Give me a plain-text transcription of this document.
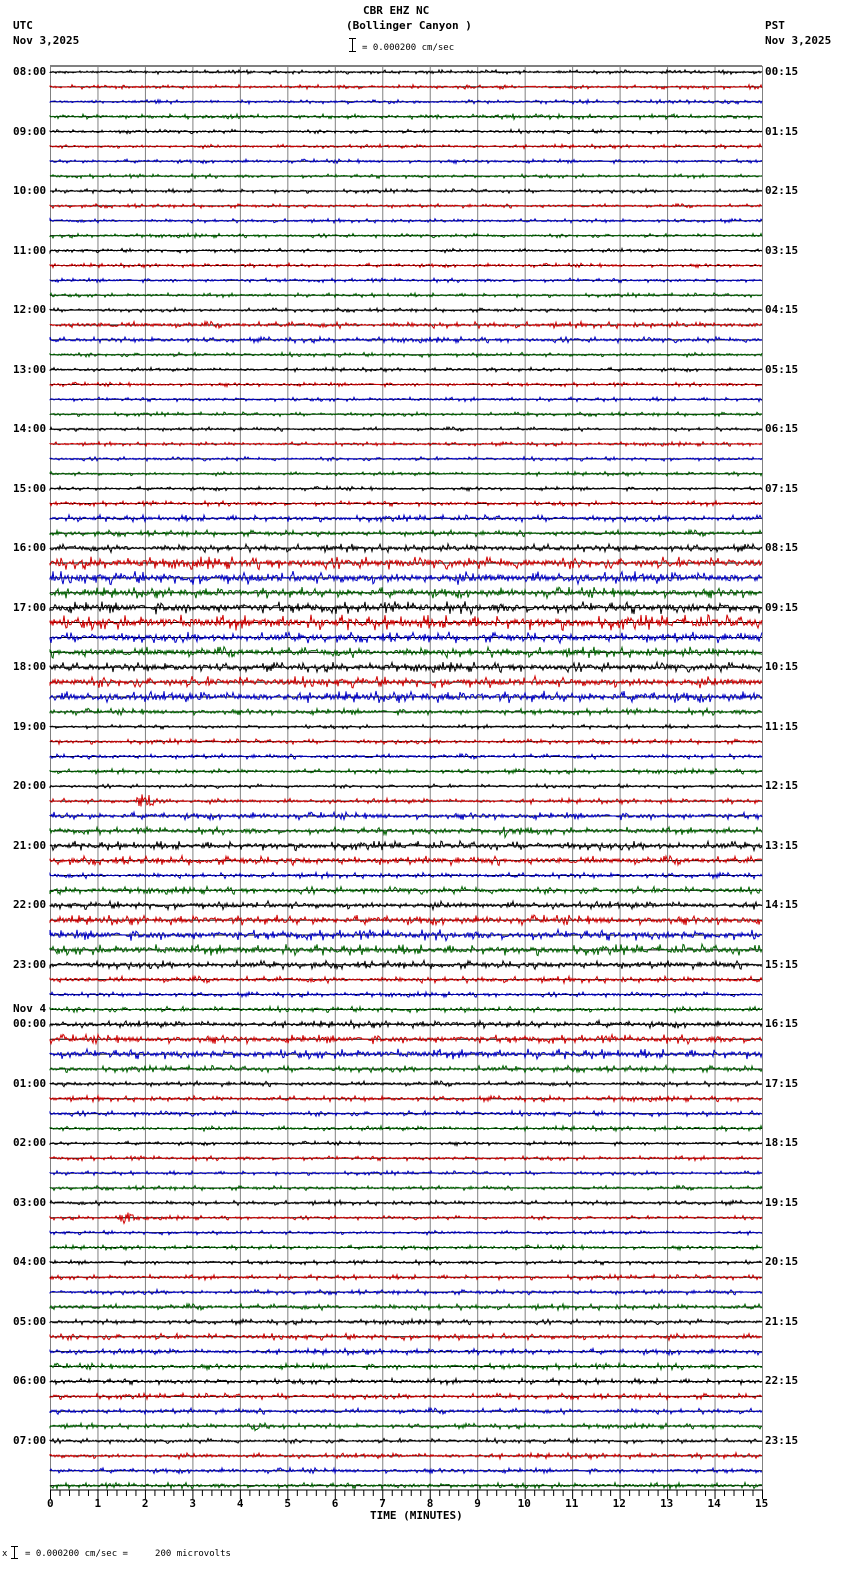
CBR EHZ NC
(Bollinger Canyon )
UTC
Nov 3,2025
PST
Nov 3,2025
= 0.000200 cm/sec
0	1	2	3	4	5	6	7	8	9	10	11	12	13	14	15
08:00
09:00
10:00
11:00
12:00
13:00
14:00
15:00
16:00
17:00
18:00
19:00
20:00
21:00
22:00
23:00
00:00
Nov 4
01:00
02:00
03:00
04:00
05:00
06:00
07:00
00:15
01:15
02:15
03:15
04:15
05:15
06:15
07:15
08:15
09:15
10:15
11:15
12:15
13:15
14:15
15:15
16:15
17:15
18:15
19:15
20:15
21:15
22:15
23:15
TIME (MINUTES)
x = 0.000200 cm/sec =     200 microvolts
